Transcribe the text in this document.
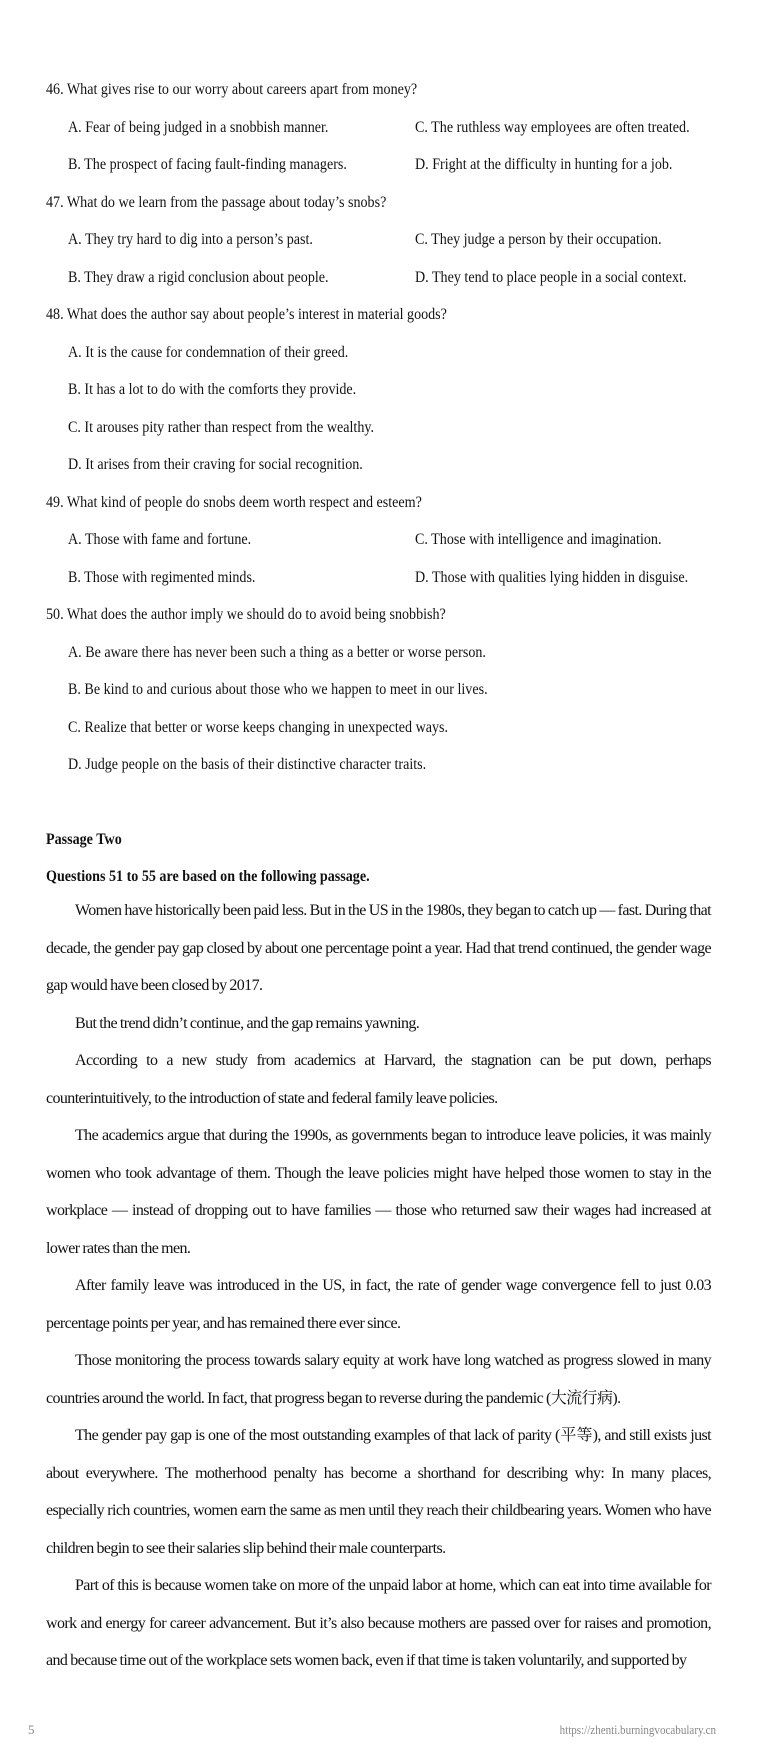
46. What gives rise to our worry about careers apart from money?
A. Fear of being judged in a snobbish manner.	C. The ruthless way employees are often treated.
B. The prospect of facing fault-finding managers.	D. Fright at the difficulty in hunting for a job.
47. What do we learn from the passage about today’s snobs?
A. They try hard to dig into a person’s past.	C. They judge a person by their occupation.
B. They draw a rigid conclusion about people.	D. They tend to place people in a social context.
48. What does the author say about people’s interest in material goods?
A. It is the cause for condemnation of their greed.
B. It has a lot to do with the comforts they provide.
C. It arouses pity rather than respect from the wealthy.
D. It arises from their craving for social recognition.
49. What kind of people do snobs deem worth respect and esteem?
A. Those with fame and fortune.	C. Those with intelligence and imagination.
B. Those with regimented minds.	D. Those with qualities lying hidden in disguise.
50. What does the author imply we should do to avoid being snobbish?
A. Be aware there has never been such a thing as a better or worse person.
B. Be kind to and curious about those who we happen to meet in our lives.
C. Realize that better or worse keeps changing in unexpected ways.
D. Judge people on the basis of their distinctive character traits.
Passage Two
Questions 51 to 55 are based on the following passage.
Women have historically been paid less. But in the US in the 1980s, they began to catch up — fast. During that decade, the gender pay gap closed by about one percentage point a year. Had that trend continued, the gender wage gap would have been closed by 2017.
But the trend didn’t continue, and the gap remains yawning.
According to a new study from academics at Harvard, the stagnation can be put down, perhaps counterintuitively, to the introduction of state and federal family leave policies.
The academics argue that during the 1990s, as governments began to introduce leave policies, it was mainly women who took advantage of them. Though the leave policies might have helped those women to stay in the workplace — instead of dropping out to have families — those who returned saw their wages had increased at lower rates than the men.
After family leave was introduced in the US, in fact, the rate of gender wage convergence fell to just 0.03 percentage points per year, and has remained there ever since.
Those monitoring the process towards salary equity at work have long watched as progress slowed in many countries around the world. In fact, that progress began to reverse during the pandemic (大流行病).
The gender pay gap is one of the most outstanding examples of that lack of parity (平等), and still exists just about everywhere. The motherhood penalty has become a shorthand for describing why: In many places, especially rich countries, women earn the same as men until they reach their childbearing years. Women who have children begin to see their salaries slip behind their male counterparts.
Part of this is because women take on more of the unpaid labor at home, which can eat into time available for work and energy for career advancement. But it’s also because mothers are passed over for raises and promotion, and because time out of the workplace sets women back, even if that time is taken voluntarily, and supported by
5	https://zhenti.burningvocabulary.cn
